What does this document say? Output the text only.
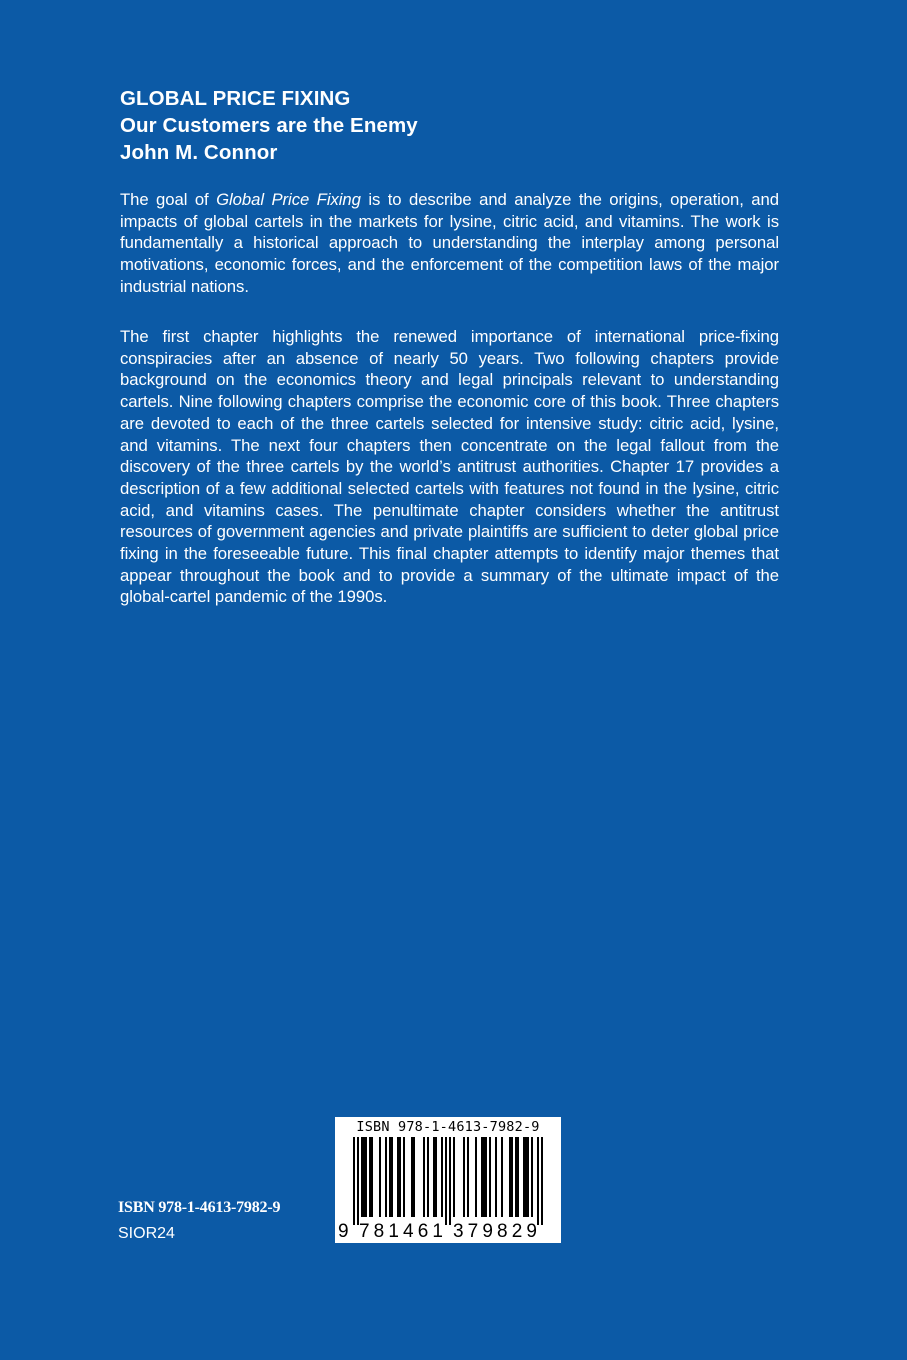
GLOBAL PRICE FIXING
Our Customers are the Enemy
John M. Connor

The goal of Global Price Fixing is to describe and analyze the origins, operation, and impacts of global cartels in the markets for lysine, citric acid, and vitamins. The work is fundamentally a historical approach to understanding the interplay among personal motivations, economic forces, and the enforcement of the competition laws of the major industrial nations.

The first chapter highlights the renewed importance of international price-fixing conspiracies after an absence of nearly 50 years. Two following chapters provide background on the economics theory and legal principals relevant to understanding cartels. Nine following chapters comprise the economic core of this book. Three chapters are devoted to each of the three cartels selected for intensive study: citric acid, lysine, and vitamins. The next four chapters then concentrate on the legal fallout from the discovery of the three cartels by the world’s antitrust authorities. Chapter 17 provides a description of a few additional selected cartels with features not found in the lysine, citric acid, and vitamins cases. The penultimate chapter considers whether the antitrust resources of government agencies and private plaintiffs are sufficient to deter global price fixing in the foreseeable future. This final chapter attempts to identify major themes that appear throughout the book and to provide a summary of the ultimate impact of the global-cartel pandemic of the 1990s.

ISBN 978-1-4613-7982-9
SIOR24
ISBN 978-1-4613-7982-9
9 781461 379829
